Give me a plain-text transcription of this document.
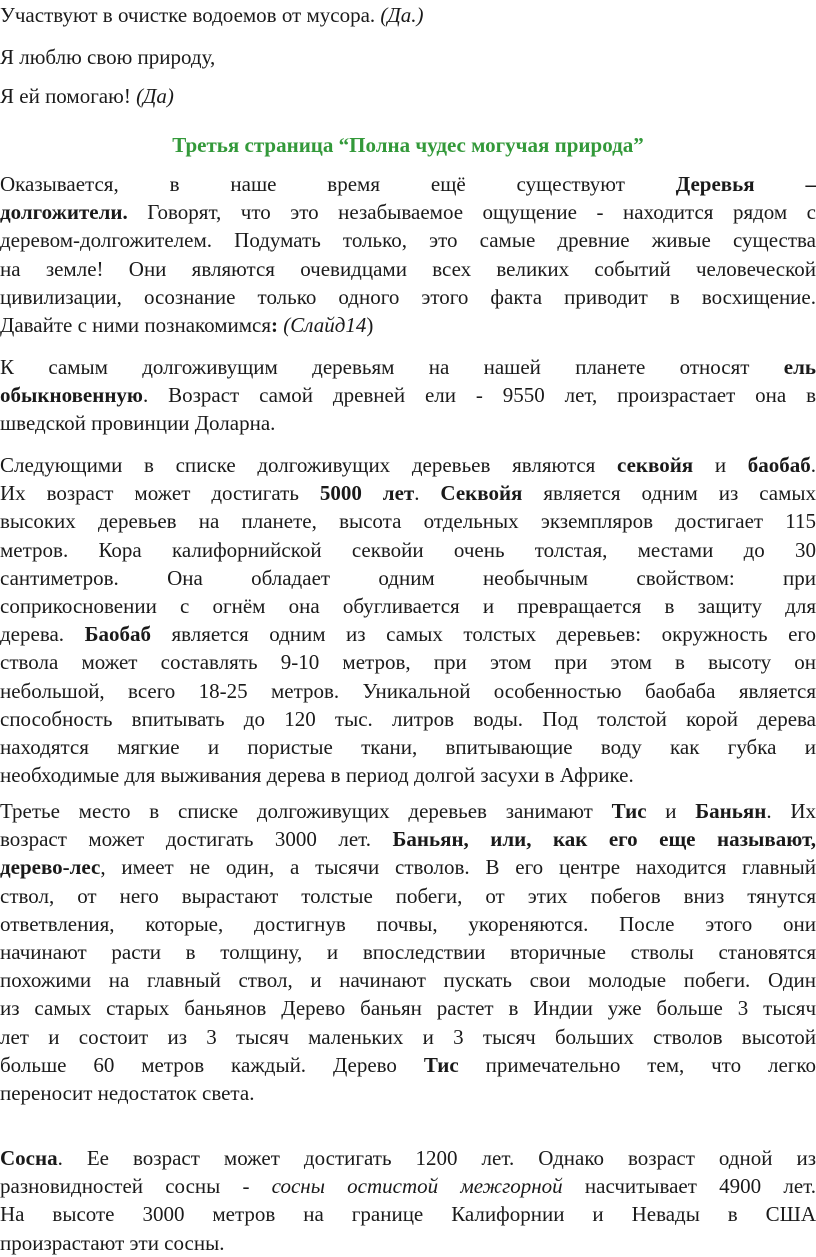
Участвуют в очистке водоемов от мусора. (Да.)

Я люблю свою природу,

Я ей помогаю! (Да)

Третья страница “Полна чудес могучая природа”
Оказывается, в наше время ещё существуют Деревья –
долгожители. Говорят, что это незабываемое ощущение - находится рядом с
деревом-долгожителем. Подумать только, это самые древние живые существа
на земле! Они являются очевидцами всех великих событий человеческой
цивилизации, осознание только одного этого факта приводит в восхищение.
Давайте с ними познакомимся: (Слайд14)
К самым долгоживущим деревьям на нашей планете относят ель
обыкновенную. Возраст самой древней ели - 9550 лет, произрастает она в
шведской провинции Доларна.
Следующими в списке долгоживущих деревьев являются секвойя и баобаб.
Их возраст может достигать 5000 лет. Секвойя является одним из самых
высоких деревьев на планете, высота отдельных экземпляров достигает 115
метров. Кора калифорнийской секвойи очень толстая, местами до 30
сантиметров. Она обладает одним необычным свойством: при
соприкосновении с огнём она обугливается и превращается в защиту для
дерева. Баобаб является одним из самых толстых деревьев: окружность его
ствола может составлять 9-10 метров, при этом при этом в высоту он
небольшой, всего 18-25 метров. Уникальной особенностью баобаба является
способность впитывать до 120 тыс. литров воды. Под толстой корой дерева
находятся мягкие и пористые ткани, впитывающие воду как губка и
необходимые для выживания дерева в период долгой засухи в Африке.
Третье место в списке долгоживущих деревьев занимают Тис и Баньян. Их
возраст может достигать 3000 лет. Баньян, или, как его еще называют,
дерево-лес, имеет не один, а тысячи стволов. В его центре находится главный
ствол, от него вырастают толстые побеги, от этих побегов вниз тянутся
ответвления, которые, достигнув почвы, укореняются. После этого они
начинают расти в толщину, и впоследствии вторичные стволы становятся
похожими на главный ствол, и начинают пускать свои молодые побеги. Один
из самых старых баньянов Дерево баньян растет в Индии уже больше 3 тысяч
лет и состоит из 3 тысяч маленьких и 3 тысяч больших стволов высотой
больше 60 метров каждый. Дерево Тис примечательно тем, что легко
переносит недостаток света.
Сосна. Ее возраст может достигать 1200 лет. Однако возраст одной из
разновидностей сосны - сосны остистой межгорной насчитывает 4900 лет.
На высоте 3000 метров на границе Калифорнии и Невады в США
произрастают эти сосны.
